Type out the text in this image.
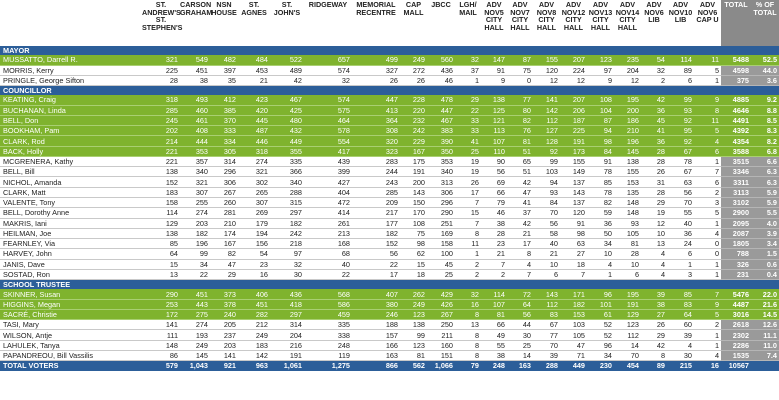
	ST. ANDREW'S ST. STEPHEN'S	CARSON GRAHAM	NSN HOUSE	ST. AGNES	ST. JOHN'S	RIDGEWAY	MEMORIAL RECENTRE	CAP MALL	JBCC	LGH/ MAIL	ADV NOV5 CITY HALL	ADV NOV7 CITY HALL	ADV NOV8 CITY HALL	ADV NOV12 CITY HALL	ADV NOV13 CITY HALL	ADV NOV14 CITY HALL	ADV NOV6 LIB	ADV NOV10 LIB	ADV NOV6 CAP U	TOTAL	% OF TOTAL
MAYOR																					
MUSSATTO, Darrell R.	321	549	482	484	522	657	499	249	560	32	147	87	155	207	123	235	54	114	11	5488	52.5
MORRIS, Kerry	225	451	397	453	489	574	327	272	436	37	91	75	120	224	97	204	32	89	5	4598	44.0
PRINGLE, George Sifton	28	38	35	21	42	32	26	26	46	1	9	0	12	12	9	12	2	6	1	375	3.6
COUNCILLOR																					
KEATING, Craig	318	493	412	423	467	574	447	228	478	29	138	77	141	207	108	195	42	99	9	4885	9.2
BUCHANAN, Linda	285	460	385	420	425	575	413	220	447	22	125	80	142	206	104	200	36	93	8	4646	8.8
BELL, Don	245	461	370	445	480	464	364	232	467	33	121	82	112	187	87	186	45	92	11	4491	8.5
BOOKHAM, Pam	202	408	333	487	432	578	308	242	383	33	113	76	127	225	94	210	41	95	5	4392	8.3
CLARK, Rod	214	444	334	446	449	554	320	229	390	41	107	81	128	191	98	196	36	92	4	4354	8.2
BACK, Holly	221	353	305	318	355	417	323	167	350	25	110	51	92	173	84	145	28	67	6	3588	6.8
MCGRENERA, Kathy	221	357	314	274	335	439	283	175	353	19	90	65	99	155	91	138	28	78	1	3515	6.6
BELL, Bill	138	340	296	321	366	399	244	191	340	19	56	51	103	149	78	155	26	67	7	3346	6.3
NICHOL, Amanda	152	321	306	302	340	427	243	200	313	26	69	42	94	137	85	153	31	63	6	3311	6.3
CLARK, Matt	183	307	267	265	288	404	285	143	306	17	66	47	93	143	78	135	28	56	2	3113	5.9
VALENTE, Tony	158	255	260	307	315	472	209	150	296	7	79	41	84	137	82	148	29	70	3	3102	5.9
BELL, Dorothy Anne	114	274	281	269	297	414	217	170	290	15	46	37	70	120	59	148	19	55	5	2900	5.5
MAKRIS, Iani	129	203	210	179	182	261	177	108	251	7	38	42	56	91	36	93	12	40	1	2095	4.0
HEILMAN, Joe	138	182	174	194	242	213	182	75	169	8	28	21	58	98	50	105	10	36	4	2087	3.9
FEARNLEY, Via	85	196	167	156	218	168	152	98	158	11	23	17	40	63	34	81	13	24	0	1805	3.4
HARVEY, John	64	99	82	54	97	68	56	62	100	1	21	8	21	27	10	28	4	6	0	788	1.5
JANIS, Dave	15	34	47	23	32	40	22	15	45	2	7	4	10	18	4	10	4	1	1	326	0.6
SOSTAD, Ron	13	22	29	16	30	22	17	18	25	2	2	7	6	7	1	6	4	3	1	231	0.4
SCHOOL TRUSTEE																					
SKINNER, Susan	290	451	373	406	436	568	407	262	429	32	114	72	143	171	96	195	39	85	7	5476	22.0
HIGGINS, Megan	253	443	378	451	418	586	380	249	426	16	107	64	112	182	101	191	38	83	9	4487	21.6
SACRÉ, Christie	172	275	240	282	297	459	246	123	267	8	81	56	83	153	61	129	27	64	5	3016	14.5
TASI, Mary	141	274	205	212	314	335	188	138	250	13	66	44	67	103	52	123	26	60	2	2618	12.6
WILSON, Antje	111	193	237	249	204	338	157	99	211	8	49	30	77	105	52	112	29	39	1	2302	11.1
LAHULEK, Tanya	148	249	203	183	216	248	166	123	160	8	55	25	70	47	96	14	42	4	1	2286	11.0
PAPANDREOU, Bill Vassilis	86	145	141	142	191	119	163	81	151	8	38	14	39	71	34	70	8	30	4	1535	7.4
TOTAL VOTERS	579	1,043	921	963	1,061	1,275	866	562	1,066	79	248	163	288	449	230	454	89	215	16	10567	
